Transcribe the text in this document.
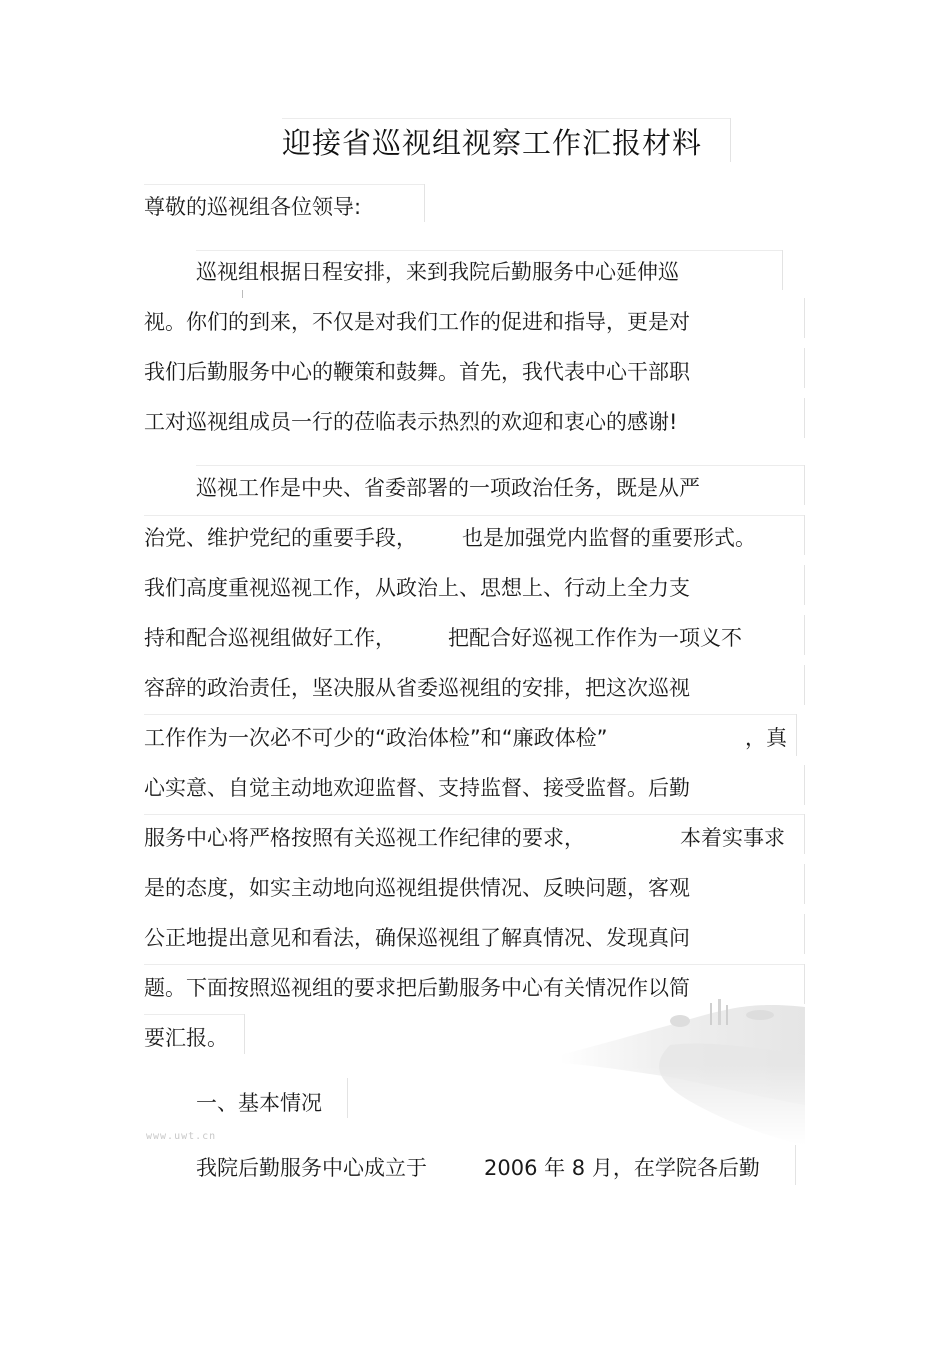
www.uwt.cn
迎接省巡视组视察工作汇报材料
尊敬的巡视组各位领导:
巡视组根据日程安排，来到我院后勤服务中心延伸巡
视。你们的到来，不仅是对我们工作的促进和指导，更是对
我们后勤服务中心的鞭策和鼓舞。首先，我代表中心干部职
工对巡视组成员一行的莅临表示热烈的欢迎和衷心的感谢!
巡视工作是中央、省委部署的一项政治任务，既是从严
治党、维护党纪的重要手段， 也是加强党内监督的重要形式。
我们高度重视巡视工作，从政治上、思想上、行动上全力支
持和配合巡视组做好工作， 把配合好巡视工作作为一项义不
容辞的政治责任，坚决服从省委巡视组的安排，把这次巡视
工作作为一次必不可少的“政治体检”和“廉政体检”	，真
心实意、自觉主动地欢迎监督、支持监督、接受监督。后勤
服务中心将严格按照有关巡视工作纪律的要求，	本着实事求
是的态度，如实主动地向巡视组提供情况、反映问题，客观
公正地提出意见和看法，确保巡视组了解真情况、发现真问
题。下面按照巡视组的要求把后勤服务中心有关情况作以简
要汇报。
一、基本情况
我院后勤服务中心成立于	2006 年 8 月，在学院各后勤
